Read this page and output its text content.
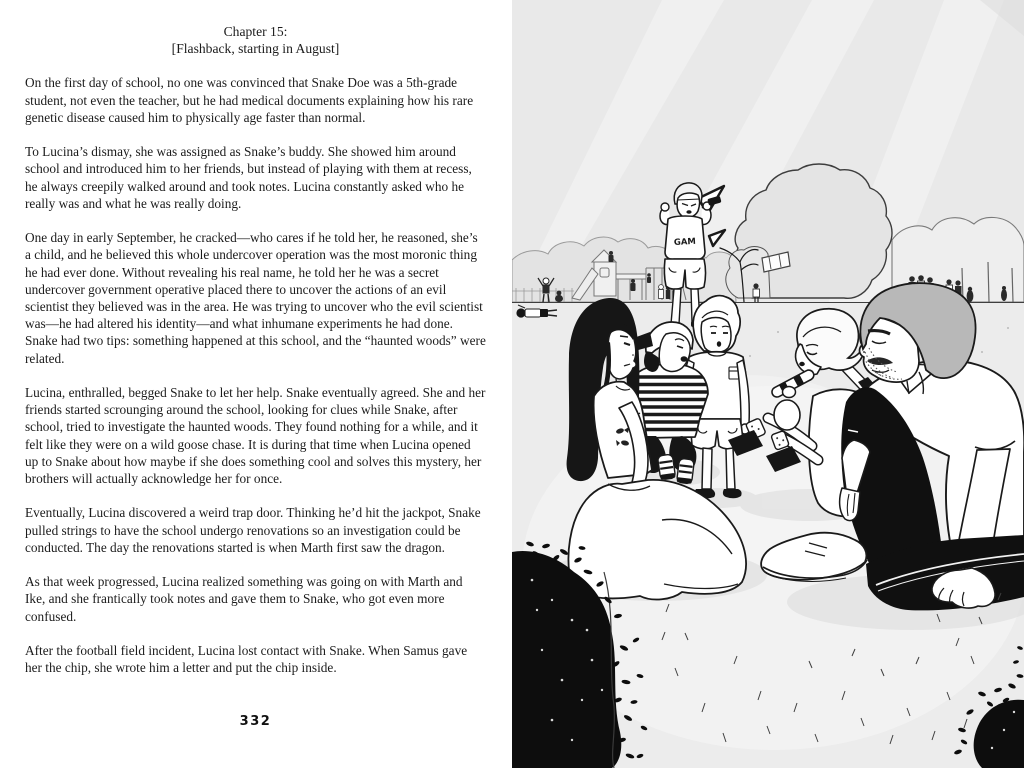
Chapter 15:
[Flashback, starting in August]

On the first day of school, no one was convinced that Snake Doe was a 5th-grade student, not even the teacher, but he had medical documents explaining how his rare genetic disease caused him to physically age faster than normal.

To Lucina’s dismay, she was assigned as Snake’s buddy. She showed him around school and introduced him to her friends, but instead of playing with them at recess, he always creepily walked around and took notes. Lucina constantly asked who he really was and what he was really doing.

One day in early September, he cracked—who cares if he told her, he reasoned, she’s a child, and he believed this whole undercover operation was the most moronic thing he had ever done. Without revealing his real name, he told her he was a secret undercover government operative placed there to uncover the actions of an evil scientist they believed was in the area. He was trying to uncover who the evil scientist was—he had altered his identity—and what inhumane experiments he had done. Snake had two tips: something happened at this school, and the “haunted woods” were related.

Lucina, enthralled, begged Snake to let her help. Snake eventually agreed. She and her friends started scrounging around the school, looking for clues while Snake, after school, tried to investigate the haunted woods. They found nothing for a while, and it felt like they were on a wild goose chase. It is during that time when Lucina opened up to Snake about how maybe if she does something cool and solves this mystery, her brothers will actually acknowledge her for once.

Eventually, Lucina discovered a weird trap door. Thinking he’d hit the jackpot, Snake pulled strings to have the school undergo renovations so an investigation could be conducted. The day the renovations started is when Marth first saw the dragon.

As that week progressed, Lucina realized something was going on with Marth and Ike, and she frantically took notes and gave them to Snake, who got even more confused.

After the football field incident, Lucina lost contact with Snake. When Samus gave her the chip, she wrote him a letter and put the chip inside.

332
GAM
